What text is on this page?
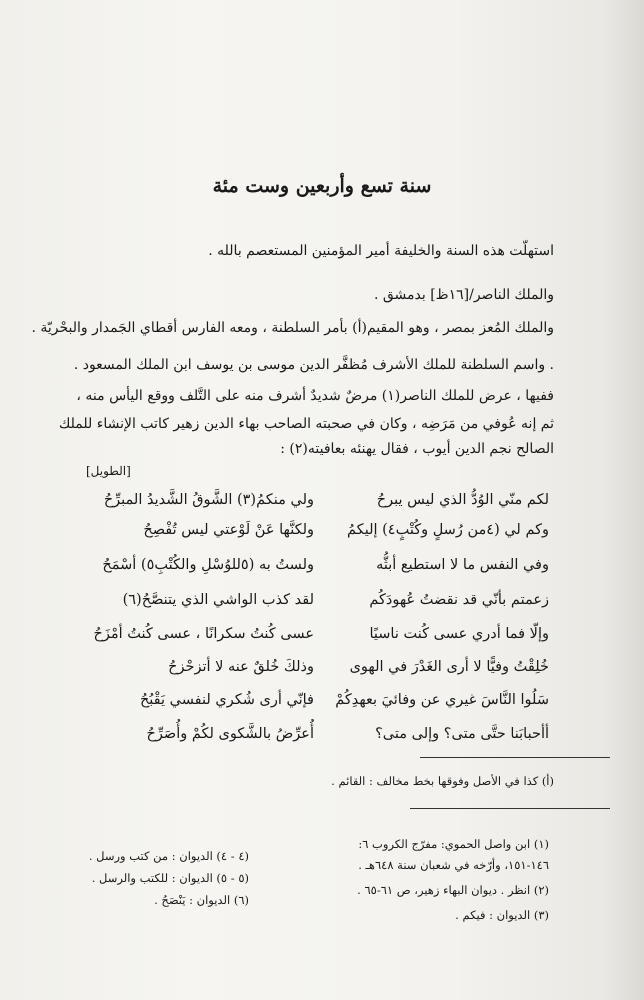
سنة تسع وأربعين وست مئة
استهلّت هذه السنة والخليفة أمير المؤمنين المستعصم بالله .
والملك الناصر/[١٦ظ] بدمشق .
والملك المُعز بمصر ، وهو المقيم(أ) بأمر السلطنة ، ومعه الفارس أقطاي الجَمدار والبحْريّة .
. واسم السلطنة للملك الأشرف مُظفَّر الدين موسى بن يوسف ابن الملك المسعود .
ففيها ، عرض للملك الناصر(١) مرضٌ شديدٌ أشرف منه على التَّلف ووقع اليأس منه ،
ثم إنه عُوفي من مَرَضِه ، وكان في صحبته الصاحب بهاء الدين زهير كاتب الإنشاء للملك
الصالح نجم الدين أيوب ، فقال يهنئه بعافيته(٢) :
[الطويل]
لكم منّي الوُدُّ الذي ليس يبرحُ
ولي منكمُ(٣) الشَّوقُ الشَّديدُ المبرِّحُ
وكم لي (٤من رُسلٍ وكُتْبٍ٤) إليكمُ
ولكنَّها عَنْ لَوْعتي ليس تُفْصِحُ
وفي النفس ما لا استطيع أبثُّه
ولستُ به (٥للوُسْلِ والكُتْبِ٥) أسْمَحُ
زعمتم بأنّي قد نقضتُ عُهودَكُم
لقد كذب الواشي الذي يتنصَّحُ(٦)
وإلّا فما أدري عسى كُنت ناسيًا
عسى كُنتُ سكرانًا ، عسى كُنتُ أمْزَحُ
خُلِقْتُ وفيًّا لا أرى الغَدْرَ في الهوى
وذلكَ خُلقٌ عنه لا أتزحْزحُ
سَلُوا النَّاسَ غيري عن وفائيَ بعهدِكُمْ
فإنّي أرى شُكري لنفسي يَقْبُحُ
أأحبابَنا حتَّى متى؟ وإلى متى؟
أُعرِّضُ بالشَّكوى لكُمْ وأُصَرِّحُ
(أ) كذا في الأصل وفوقها بخط مخالف : القائم .
(١) ابن واصل الحموي: مفرّج الكروب ٦:
١٤٦-١٥١، وأرّخه في شعبان سنة ٦٤٨هـ .
(٢) انظر . ديوان البهاء زهير، ص ٦١-٦٥ .
(٣) الديوان : فيكم .
(٤ - ٤) الديوان : من كتب ورسل .
(٥ - ٥) الديوان : للكتب والرسل .
(٦) الديوان : يَنْصَحُ .
